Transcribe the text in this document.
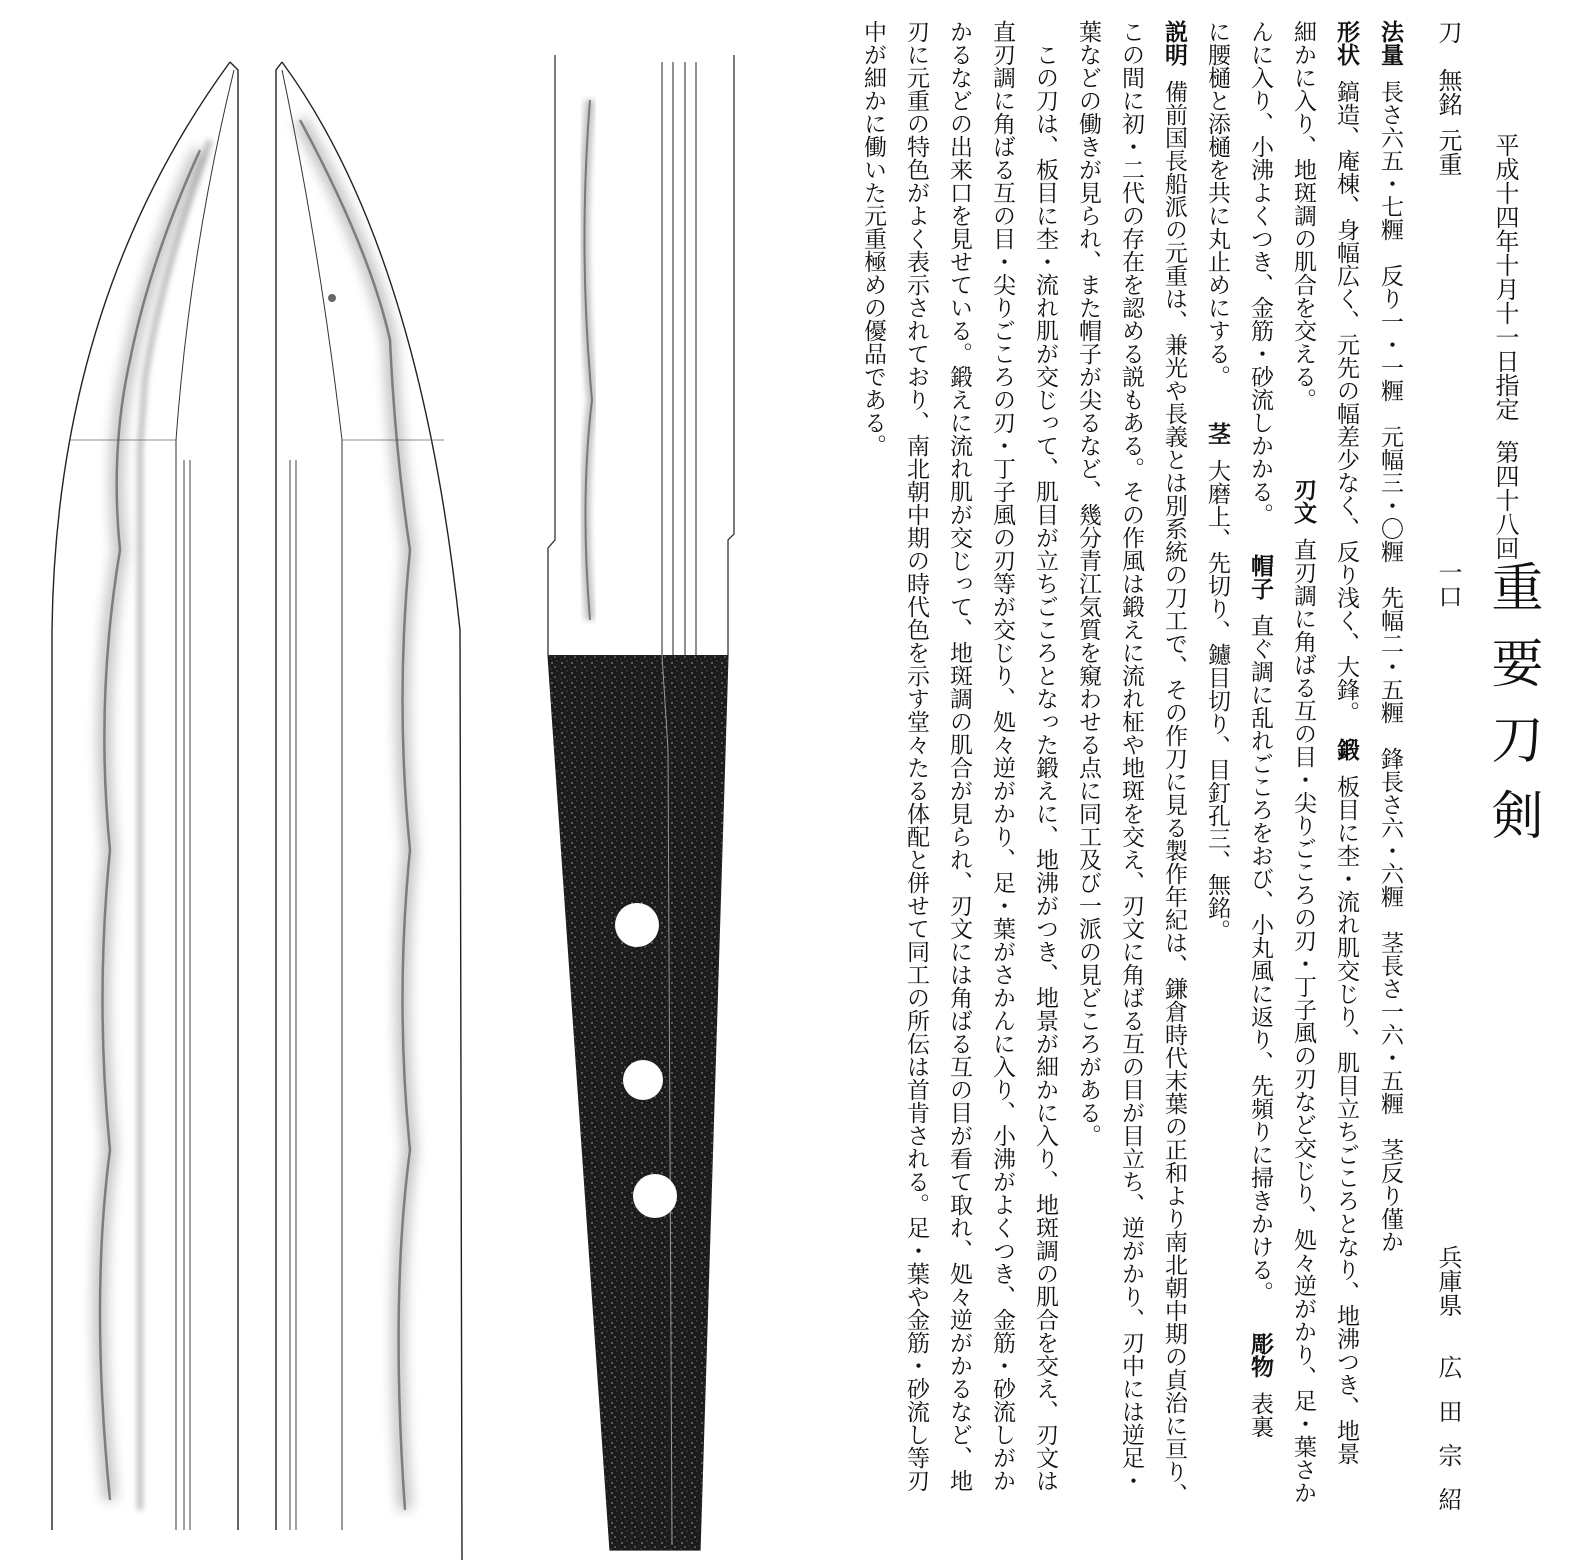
平成十四年十月十一日指定
第四十八回
重要刀剣
刀
無銘
元重
一口
兵庫県
広田宗紹
法量長さ六五・七糎　反り一・一糎　元幅三・〇糎　先幅二・五糎　鋒長さ六・六糎　茎長さ一六・五糎　茎反り僅か
形状鎬造、庵棟、身幅広く、元先の幅差少なく、反り浅く、大鋒。鍛板目に杢・流れ肌交じり、肌目立ちごころとなり、地沸つき、地景
細かに入り、地斑調の肌合を交える。
刃文直刃調に角ばる互の目・尖りごころの刃・丁子風の刃など交じり、処々逆がかり、足・葉さか
んに入り、小沸よくつき、金筋・砂流しかかる。帽子直ぐ調に乱れごころをおび、小丸風に返り、先頻りに掃きかける。彫物表裏
に腰樋と添樋を共に丸止めにする。茎大磨上、先切り、鑢目切り、目釘孔三、無銘。
説明備前国長船派の元重は、兼光や長義とは別系統の刀工で、その作刀に見る製作年紀は、鎌倉時代末葉の正和より南北朝中期の貞治に亘り、
この間に初・二代の存在を認める説もある。その作風は鍛えに流れ柾や地斑を交え、刃文に角ばる互の目が目立ち、逆がかり、刃中には逆足・
葉などの働きが見られ、また帽子が尖るなど、幾分青江気質を窺わせる点に同工及び一派の見どころがある。
この刀は、板目に杢・流れ肌が交じって、肌目が立ちごころとなった鍛えに、地沸がつき、地景が細かに入り、地斑調の肌合を交え、刃文は
直刃調に角ばる互の目・尖りごころの刃・丁子風の刃等が交じり、処々逆がかり、足・葉がさかんに入り、小沸がよくつき、金筋・砂流しがか
かるなどの出来口を見せている。鍛えに流れ肌が交じって、地斑調の肌合が見られ、刃文には角ばる互の目が看て取れ、処々逆がかるなど、地
刃に元重の特色がよく表示されており、南北朝中期の時代色を示す堂々たる体配と併せて同工の所伝は首肯される。足・葉や金筋・砂流し等刃
中が細かに働いた元重極めの優品である。
